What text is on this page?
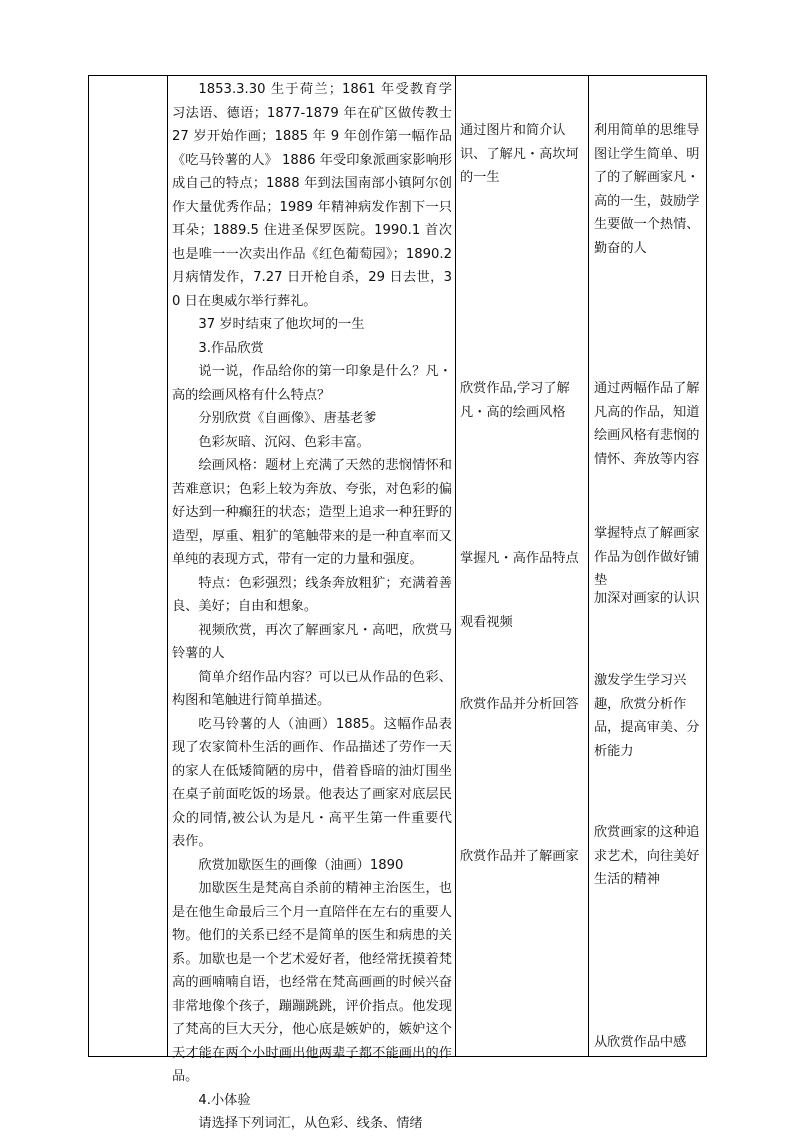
1853.3.30 生于荷兰；1861 年受教育学习法语、德语；1877-1879 年在矿区做传教士 27 岁开始作画；1885 年 9 年创作第一幅作品《吃马铃薯的人》 1886 年受印象派画家影响形成自己的特点；1888 年到法国南部小镇阿尔创作大量优秀作品；1989 年精神病发作割下一只耳朵；1889.5 住进圣保罗医院。1990.1 首次也是唯一一次卖出作品《红色葡萄园》；1890.2 月病情发作，7.27 日开枪自杀，29 日去世，30 日在奥威尔举行葬礼。

37 岁时结束了他坎坷的一生

3.作品欣赏

说一说，作品给你的第一印象是什么？凡・高的绘画风格有什么特点？

分别欣赏《自画像》、唐基老爹

色彩灰暗、沉闷、色彩丰富。

绘画风格：题材上充满了天然的悲悯情怀和苦难意识；色彩上较为奔放、夸张，对色彩的偏好达到一种癫狂的状态；造型上追求一种狂野的造型，厚重、粗犷的笔触带来的是一种直率而又单纯的表现方式，带有一定的力量和强度。

特点：色彩强烈；线条奔放粗犷；充满着善良、美好；自由和想象。

视频欣赏，再次了解画家凡・高吧，欣赏马铃薯的人

简单介绍作品内容？可以已从作品的色彩、构图和笔触进行简单描述。

吃马铃薯的人（油画）1885。这幅作品表现了农家简朴生活的画作、作品描述了劳作一天的家人在低矮简陋的房中，借着昏暗的油灯围坐在桌子前面吃饭的场景。他表达了画家对底层民众的同情,被公认为是凡・高平生第一件重要代表作。

欣赏加歇医生的画像（油画）1890

加歇医生是梵高自杀前的精神主治医生，也是在他生命最后三个月一直陪伴在左右的重要人物。他们的关系已经不是简单的医生和病患的关系。加歇也是一个艺术爱好者，他经常抚摸着梵高的画喃喃自语，也经常在梵高画画的时候兴奋非常地像个孩子，蹦蹦跳跳，评价指点。他发现了梵高的巨大天分，他心底是嫉妒的，嫉妒这个天才能在两个小时画出他两辈子都不能画出的作品。

4.小体验

请选择下列词汇，从色彩、线条、情绪

通过图片和简介认识、了解凡・高坎坷的一生
欣赏作品,学习了解凡・高的绘画风格
掌握凡・高作品特点
观看视频
欣赏作品并分析回答
欣赏作品并了解画家
利用简单的思维导图让学生简单、明了的了解画家凡・高的一生，鼓励学生要做一个热情、勤奋的人
通过两幅作品了解凡高的作品，知道绘画风格有悲悯的情怀、奔放等内容
掌握特点了解画家作品为创作做好铺垫
加深对画家的认识
激发学生学习兴趣，欣赏分析作品，提高审美、分析能力
欣赏画家的这种追求艺术，向往美好生活的精神
从欣赏作品中感
